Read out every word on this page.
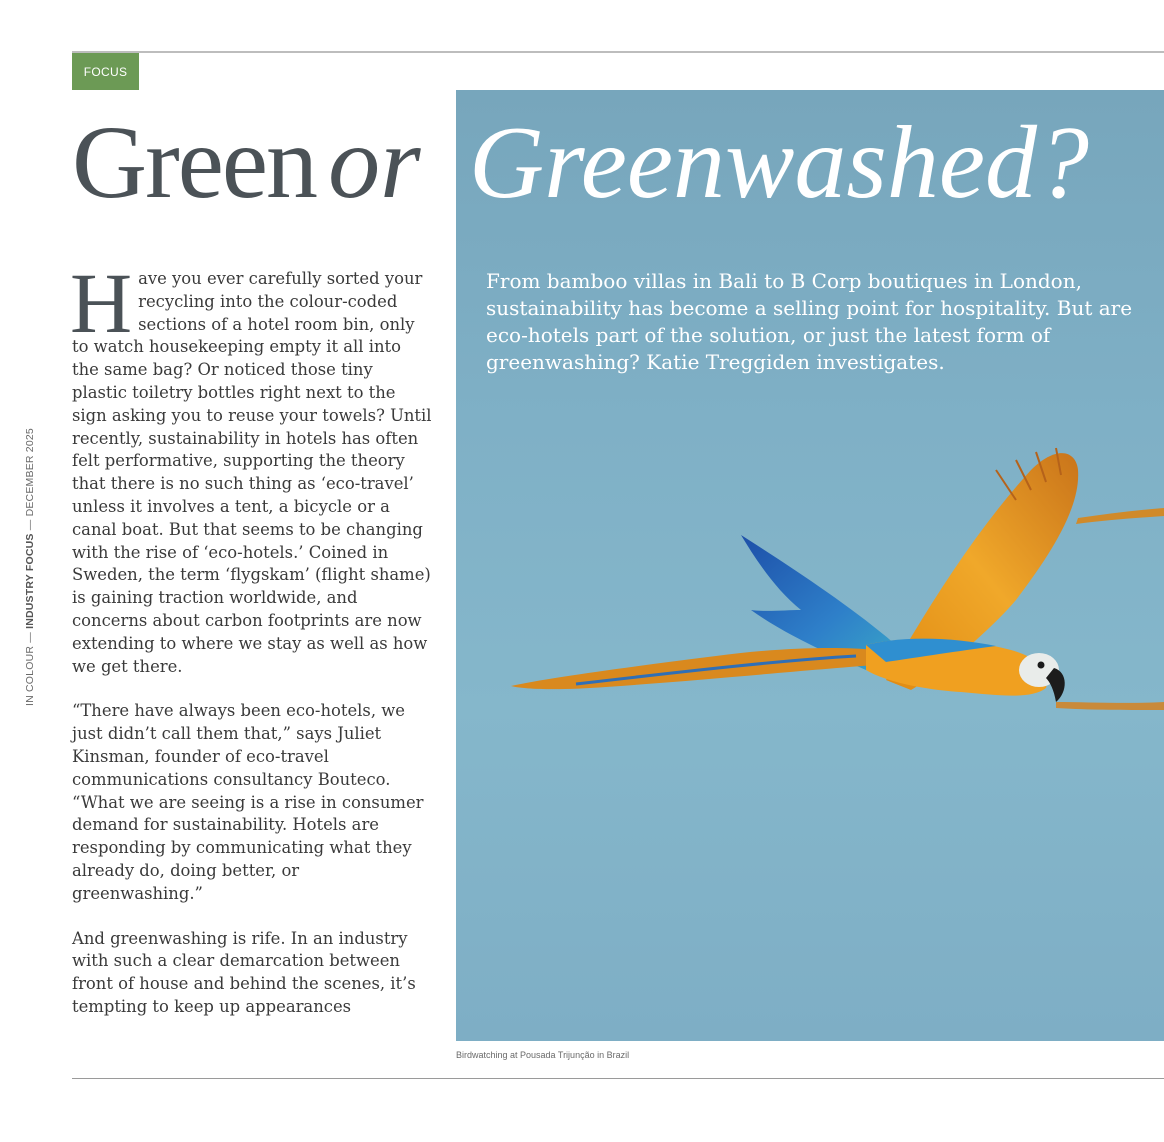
FOCUS
Green or Greenwashed?

From bamboo villas in Bali to B Corp boutiques in London, sustainability has become a selling point for hospitality. But are eco-hotels part of the solution, or just the latest form of greenwashing? Katie Treggiden investigates.

Have you ever carefully sorted your recycling into the colour-coded sections of a hotel room bin, only to watch housekeeping empty it all into the same bag? Or noticed those tiny plastic toiletry bottles right next to the sign asking you to reuse your towels? Until recently, sustainability in hotels has often felt performative, supporting the theory that there is no such thing as ‘eco-travel’ unless it involves a tent, a bicycle or a canal boat. But that seems to be changing with the rise of ‘eco-hotels.’ Coined in Sweden, the term ‘flygskam’ (flight shame) is gaining traction worldwide, and concerns about carbon footprints are now extending to where we stay as well as how we get there.

“There have always been eco-hotels, we just didn’t call them that,” says Juliet Kinsman, founder of eco-travel communications consultancy Bouteco. “What we are seeing is a rise in consumer demand for sustainability. Hotels are responding by communicating what they already do, doing better, or greenwashing.”

And greenwashing is rife. In an industry with such a clear demarcation between front of house and behind the scenes, it’s tempting to keep up appearances

IN COLOUR — INDUSTRY FOCUS — DECEMBER 2025
Birdwatching at Pousada Trijunção in Brazil
